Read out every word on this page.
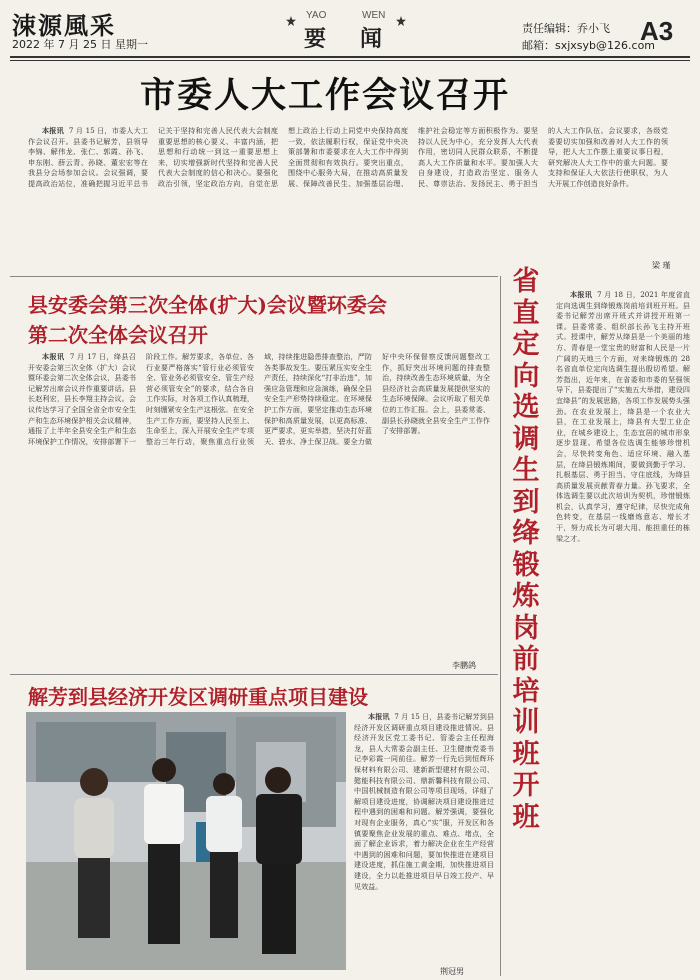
涑源風采
2022 年 7 月 25 日 星期一
YAO	WEN
要 闻	责任编辑：乔小飞
邮箱：sxjxsyb@126.com
A3
市委人大工作会议召开

本报讯 7 月 15 日，市委人大工作会议召开。县委书记解芳，县领导李锦、解伟龙、张仁、郭霞、孙飞、申东刚、薛云青、孙晓、董宏宏等在我县分会场参加会议。会议强调，要提高政治站位，准确把握习近平总书记关于坚持和完善人民代表大会制度重要思想的核心要义、丰富内涵，把思想和行动统一到这一重要思想上来，切实增强新时代坚持和完善人民代表大会制度的信心和决心。要强化政治引领，坚定政治方向，自觉在思想上政治上行动上同党中央保持高度一致，依法履职行权，保证党中央决策部署和市委要求在人大工作中得到全面贯彻和有效执行。要突出重点，围绕中心服务大局，在推动高质量发展、保障改善民生、加强基层治理、维护社会稳定等方面积极作为。要坚持以人民为中心，充分发挥人大代表作用，密切同人民群众联系，不断提高人大工作质量和水平。要加强人大自身建设，打造政治坚定、服务人民、尊崇法治、发扬民主、勇于担当的人大工作队伍。会议要求，各级党委要切实加强和改善对人大工作的领导，把人大工作摆上重要议事日程，研究解决人大工作中的重大问题。要支持和保证人大依法行使职权，为人大开展工作创造良好条件。

梁 瑾
县安委会第三次全体(扩大)会议暨环委会
第二次全体会议召开

本报讯 7 月 17 日，绛县召开安委会第三次全体（扩大）会议暨环委会第二次全体会议，县委书记解芳出席会议并作重要讲话。县长赵利宏，县长李翔主持会议。会议传达学习了全国全省全市安全生产和生态环境保护相关会议精神，通报了上半年全县安全生产和生态环境保护工作情况，安排部署下一阶段工作。解芳要求，各单位、各行业要严格落实“管行业必须管安全、管业务必须管安全、管生产经营必须管安全”的要求，结合各自工作实际，对各项工作认真梳理，时刻绷紧安全生产这根弦。在安全生产工作方面，要坚持人民至上、生命至上，深入开展安全生产专项整治三年行动，聚焦重点行业领域，持续推进隐患排查整治，严防各类事故发生。要压紧压实安全生产责任，持续深化“打非治违”，加强应急管理和应急演练，确保全县安全生产形势持续稳定。在环境保护工作方面，要坚定推动生态环境保护和高质量发展，以更高标准、更严要求，更实举措，坚决打好蓝天、碧水、净土保卫战。要全力做好中央环保督察反馈问题整改工作，抓好突出环境问题的排查整治，持续改善生态环境质量，为全县经济社会高质量发展提供坚实的生态环境保障。会议听取了相关单位的工作汇报。会上，县委常委、副县长孙晓就全县安全生产工作作了安排部署。

李鹏鸽
省直定向选调生到绛锻炼岗前培训班开班

本报讯 7 月 18 日，2021 年度省直定向选调生到绛锻炼岗前培训班开班。县委书记解芳出席开班式并讲授开班第一课。县委常委、组织部长孙飞主持开班式。授课中，解芳从绛县是一个美丽的地方、青春是一堂宝贵的财富和人民是一片广阔的天地三个方面，对来绛锻炼的 28 名省直单位定向选调生提出殷切希望。解芳指出，近年来，在省委和市委的坚强领导下，县委提出了“实施五大举措，建设四宜绛县”的发展思路，各项工作发展势头强劲。在农业发展上，绛县是一个农业大县，在工业发展上，绛县有大型工业企业，在城乡建设上，生态宜居的城市形象逐步显现。希望各位选调生能够珍惜机会，尽快转变角色、适应环境、融入基层，在绛县锻炼期间，要做到勤于学习、扎根基层、勇于担当、守住底线，为绛县高质量发展贡献青春力量。孙飞要求，全体选调生要以此次培训为契机，珍惜锻炼机会，认真学习，遵守纪律，尽快完成角色转变，在基层一线磨炼意志、增长才干，努力成长为可堪大用、能担重任的栋梁之才。

解芳到县经济开发区调研重点项目建设

本报讯 7 月 15 日，县委书记解芳到县经济开发区调研重点项目建设推进情况。县经济开发区党工委书记、管委会主任程海龙，县人大常委会副主任、卫生健康党委书记李彩霞一同前往。解芳一行先后到恒辉环保材料有限公司、建新新型建材有限公司、懿能科技有限公司、鼎新馨科技有限公司、中国机械制造有限公司等项目现场，详细了解项目建设进度，协调解决项目建设推进过程中遇到的困难和问题。解芳强调，要强化对现有企业服务，真心“实”服，开发区和各镇要聚焦企业发展的重点、难点、堵点，全面了解企业诉求，着力解决企业在生产经营中遇到的困难和问题，要加快推进在建项目建设进度，抓住施工黄金期，加快推进项目建设，全力以赴推进项目早日竣工投产、早见效益。

荆冠男
